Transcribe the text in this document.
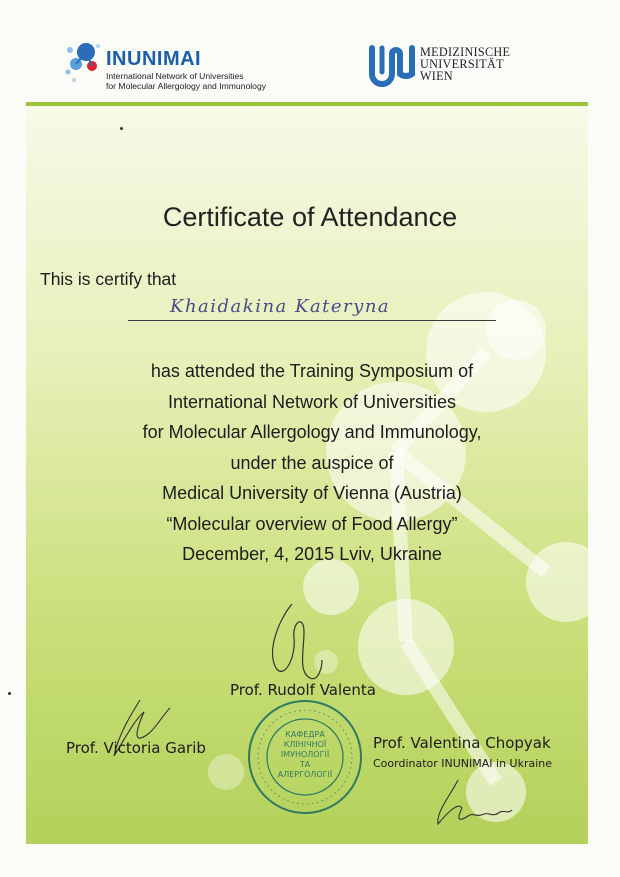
INUNIMAI
International Network of Universities
for Molecular Allergology and Immunology
MEDIZINISCHE
UNIVERSITÄT
WIEN
Certificate of Attendance
This is certify that
Khaidakina Kateryna
has attended the Training Symposium of
International Network of Universities
for Molecular Allergology and Immunology,
under the auspice of
Medical University of Vienna (Austria)
“Molecular overview of Food Allergy”
December, 4, 2015 Lviv, Ukraine
Prof. Rudolf Valenta
Prof. Victoria Garib	Prof. Valentina Chopyak
Coordinator INUNIMAI in Ukraine
КАФЕДРА
КЛІНІЧНОЇ
ІМУНОЛОГІЇ
ТА
АЛЕРГОЛОГІЇ
